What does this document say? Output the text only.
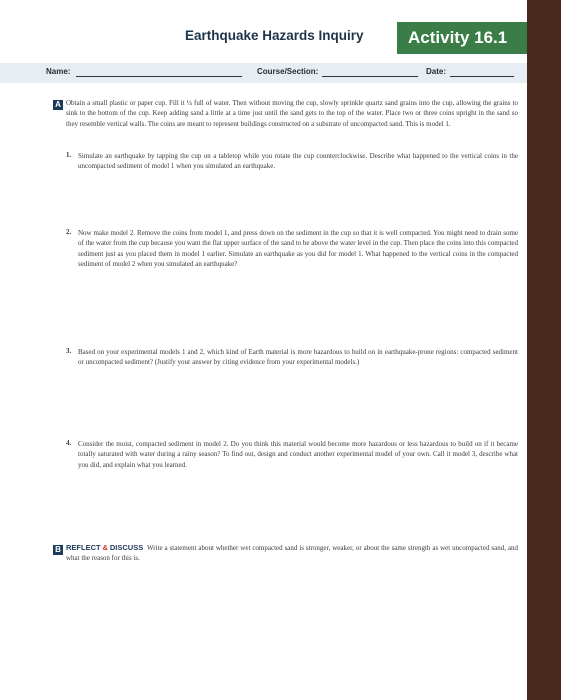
Earthquake Hazards Inquiry	Activity 16.1
Name:	Course/Section:	Date:
A Obtain a small plastic or paper cup. Fill it ¼ full of water. Then without moving the cup, slowly sprinkle quartz sand grains into the cup, allowing the grains to sink to the bottom of the cup. Keep adding sand a little at a time just until the sand gets to the top of the water. Place two or three coins upright in the sand so they resemble vertical walls. The coins are meant to represent buildings constructed on a substrate of uncompacted sand. This is model 1.

1. Simulate an earthquake by tapping the cup on a tabletop while you rotate the cup counterclockwise. Describe what happened to the vertical coins in the uncompacted sediment of model 1 when you simulated an earthquake.

2. Now make model 2. Remove the coins from model 1, and press down on the sediment in the cup so that it is well compacted. You might need to drain some of the water from the cup because you want the flat upper surface of the sand to be above the water level in the cup. Then place the coins into this compacted sediment just as you placed them in model 1 earlier. Simulate an earthquake as you did for model 1. What happened to the vertical coins in the compacted sediment of model 2 when you simulated an earthquake?

3. Based on your experimental models 1 and 2, which kind of Earth material is more hazardous to build on in earthquake-prone regions: compacted sediment or uncompacted sediment? (Justify your answer by citing evidence from your experimental models.)

4. Consider the moist, compacted sediment in model 2. Do you think this material would become more hazardous or less hazardous to build on if it became totally saturated with water during a rainy season? To find out, design and conduct another experimental model of your own. Call it model 3, describe what you did, and explain what you learned.

B REFLECT & DISCUSS Write a statement about whether wet compacted sand is stronger, weaker, or about the same strength as wet uncompacted sand, and what the reason for this is.
